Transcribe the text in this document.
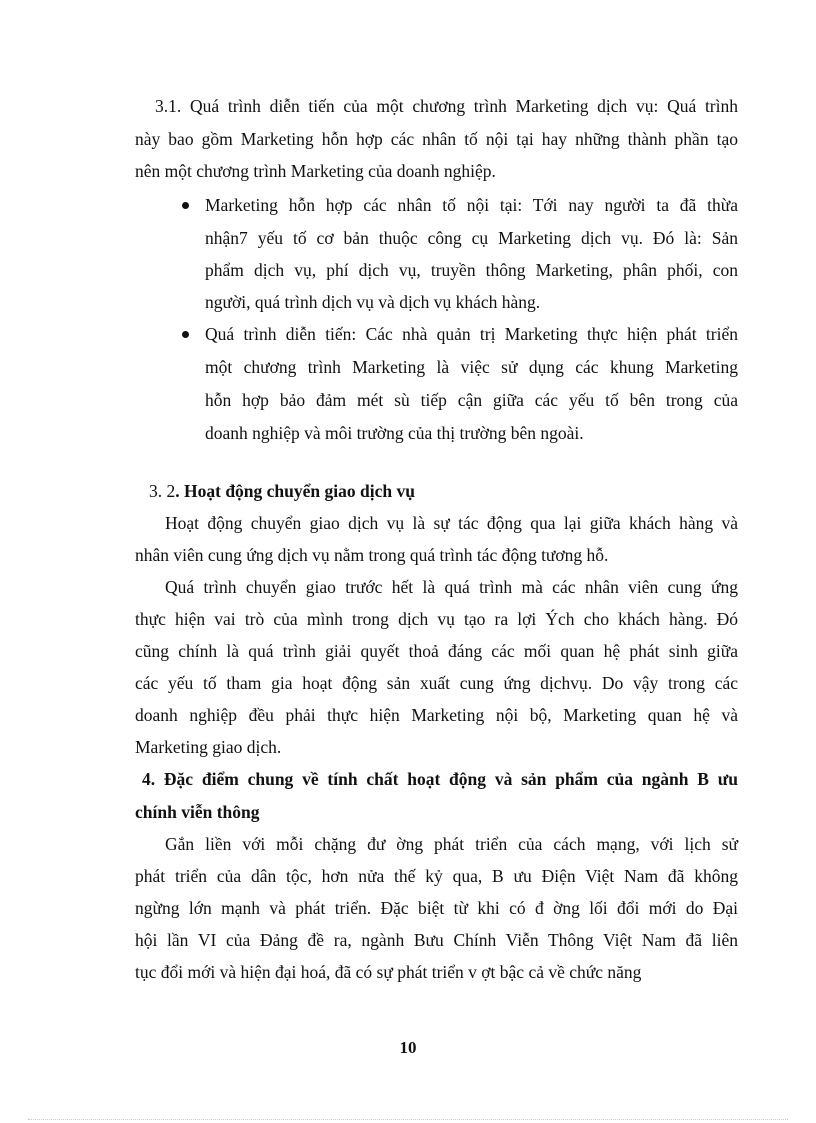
3.1. Quá trình diễn tiến của một chương trình Marketing dịch vụ: Quá trình
này bao gồm Marketing hỗn hợp các nhân tố nội tại hay những thành phần tạo
nên một chương trình Marketing của doanh nghiệp.
Marketing hỗn hợp các nhân tố nội tại: Tới nay người ta đã thừa
nhận7 yếu tố cơ bản thuộc công cụ Marketing dịch vụ. Đó là: Sản
phẩm dịch vụ, phí dịch vụ, truyền thông Marketing, phân phối, con
người, quá trình dịch vụ và dịch vụ khách hàng.
Quá trình diễn tiến: Các nhà quản trị Marketing thực hiện phát triển
một chương trình Marketing là việc sử dụng các khung Marketing
hỗn hợp bảo đảm mét sù tiếp cận giữa các yếu tố bên trong của
doanh nghiệp và môi trường của thị trường bên ngoài.
3. 2. Hoạt động chuyển giao dịch vụ
Hoạt động chuyển giao dịch vụ là sự tác động qua lại giữa khách hàng và
nhân viên cung ứng dịch vụ nằm trong quá trình tác động tương hỗ.
Quá trình chuyển giao trước hết là quá trình mà các nhân viên cung ứng
thực hiện vai trò của mình trong dịch vụ tạo ra lợi Ých cho khách hàng. Đó
cũng chính là quá trình giải quyết thoả đáng các mối quan hệ phát sinh giữa
các yếu tố tham gia hoạt động sản xuất cung ứng dịchvụ. Do vậy trong các
doanh nghiệp đều phải thực hiện Marketing nội bộ, Marketing quan hệ và
Marketing giao dịch.
4. Đặc điểm chung về tính chất hoạt động và sản phẩm của ngành B ưu
chính viễn thông
Gắn liền với mỗi chặng đư ờng phát triển của cách mạng, với lịch sử
phát triển của dân tộc, hơn nửa thế kỷ qua, B ưu Điện Việt Nam đã không
ngừng lớn mạnh và phát triển. Đặc biệt từ khi có đ ờng lối đổi mới do Đại
hội lần VI của Đảng đề ra, ngành Bưu Chính Viễn Thông Việt Nam đã liên
tục đổi mới và hiện đại hoá, đã có sự phát triển v ợt bậc cả về chức năng
10
